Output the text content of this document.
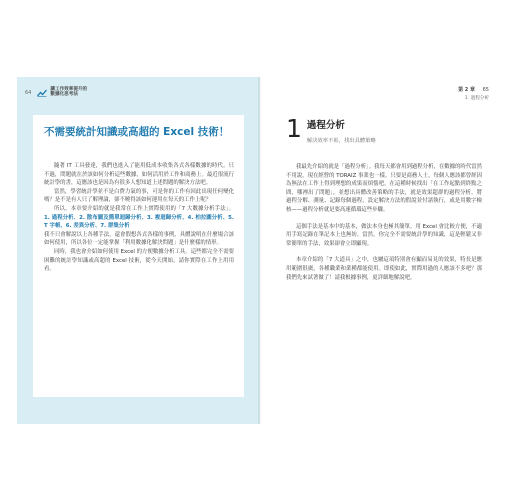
64
讓工作效率提升的
數據化思考法
不需要統計知識或高超的 Excel 技術！

隨著 IT 工具發達，我們也進入了能用低成本收集各式各樣數據的時代。只不過，問題就在於該如何分析這些數據，如何活用於工作和商務上。最近很流行統計學的書，這應該也是因為有很多人想知道上述問題的解決方法吧。

當然，學習統計學並不是白費力氣的事，可是你的工作有因此出現任何變化嗎？是不是有人只了解理論，卻不曉得該如何運用在每天的工作上呢？

所以，本章要介紹的就是我常在工作上實際使用的「7 大數據分析手法」。1. 過程分析、2. 散布圖及簡單迴歸分析、3. 複迴歸分析、4. 柏拉圖分析、5. T 字帳、6. 差異分析、7. 群集分析

我不只會解說以上各種手法，還會假想各式各樣的事例，具體說明在什麼場合該如何使用，所以各位一定能掌握「利用數據化解決問題」是什麼樣的情形。

同時，我也會介紹如何使用 Excel 的方便數據分析工具。這些都完全不需要困難的統計學知識或高超的 Excel 技術，從今天開始，請你實際在工作上用用看。

第 2 章 65
1. 過程分析
1 過程分析
解決效率不彰，找出具體策略

我最先介紹的就是「過程分析」。我每天都會用到過程分析，在數據的時代當然不用說，現在經營的 TORAIZ 事業也一樣。只要是商務人士，每個人應該都曾經因為無法在工作上得到理想的成果而煩惱吧。在這種時候找出「在工作起點到終點之間，哪裡出了問題」，並想出具體改善策略的手法，就是效果超群的過程分析。將過程分解、測量、記錄每個過程，設定解決方法的假說並付諸執行，或是用數字檢核——過程分析就是要高速循環這些步驟。

這個手法是基本中的基本，做法本身也極其簡單。用 Excel 會比較方便，不適用手寫記錄在筆記本上也無妨。當然，你完全不需要統計學的知識，這是輕鬆又非常簡單的手法，效果卻會立即顯現。

本章介紹的「7 大道具」之中，也屬這項特別會有顯而易見的效果，特長是應用範圍很廣，各種職業和業種都能使用。即使如此，實際用過的人應該不多吧？那我們先來試著做了！請我根據事例，更詳細地解說吧。
